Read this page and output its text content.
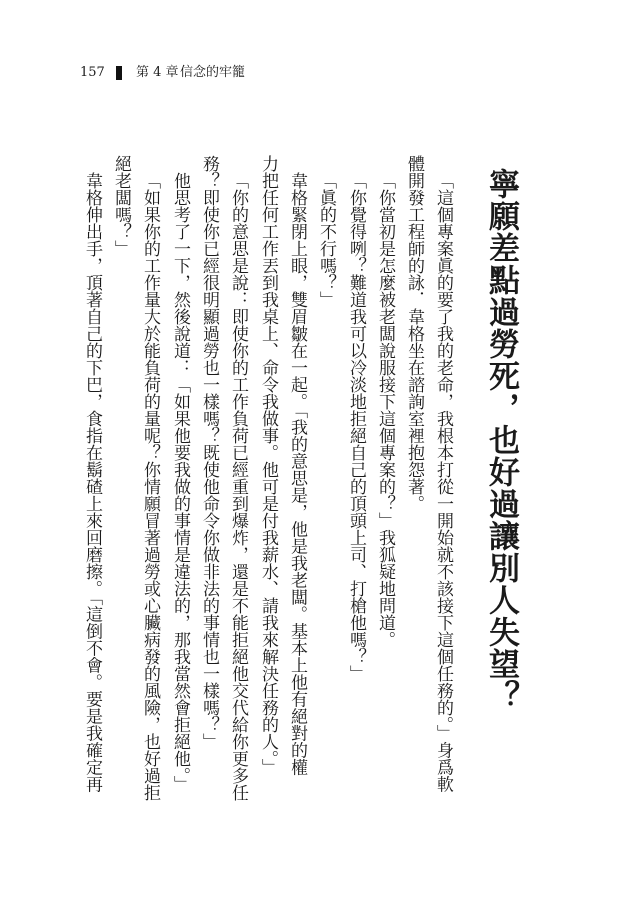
157 第 4 章 信念的牢籠
寧願差點過勞死，也好過讓別人失望？
「這個專案眞的要了我的老命，我根本打從一開始就不該接下這個任務的。」身爲軟
體開發工程師的詠．韋格坐在諮詢室裡抱怨著。
「你當初是怎麼被老闆說服接下這個專案的？」我狐疑地問道。
「你覺得咧？難道我可以冷淡地拒絕自己的頂頭上司、打槍他嗎？」
「眞的不行嗎？」
韋格緊閉上眼，雙眉皺在一起。「我的意思是，他是我老闆。基本上他有絕對的權
力把任何工作丟到我桌上、命令我做事。他可是付我薪水、請我來解決任務的人。」
「你的意思是說：即使你的工作負荷已經重到爆炸，還是不能拒絕他交代給你更多任
務？即使你已經很明顯過勞也一樣嗎？既使他命令你做非法的事情也一樣嗎？」
他思考了一下，然後說道：「如果他要我做的事情是違法的，那我當然會拒絕他。」
「如果你的工作量大於能負荷的量呢？你情願冒著過勞或心臟病發的風險，也好過拒
絕老闆嗎？」
韋格伸出手，頂著自己的下巴，食指在鬍碴上來回磨擦。「這倒不會。要是我確定再
